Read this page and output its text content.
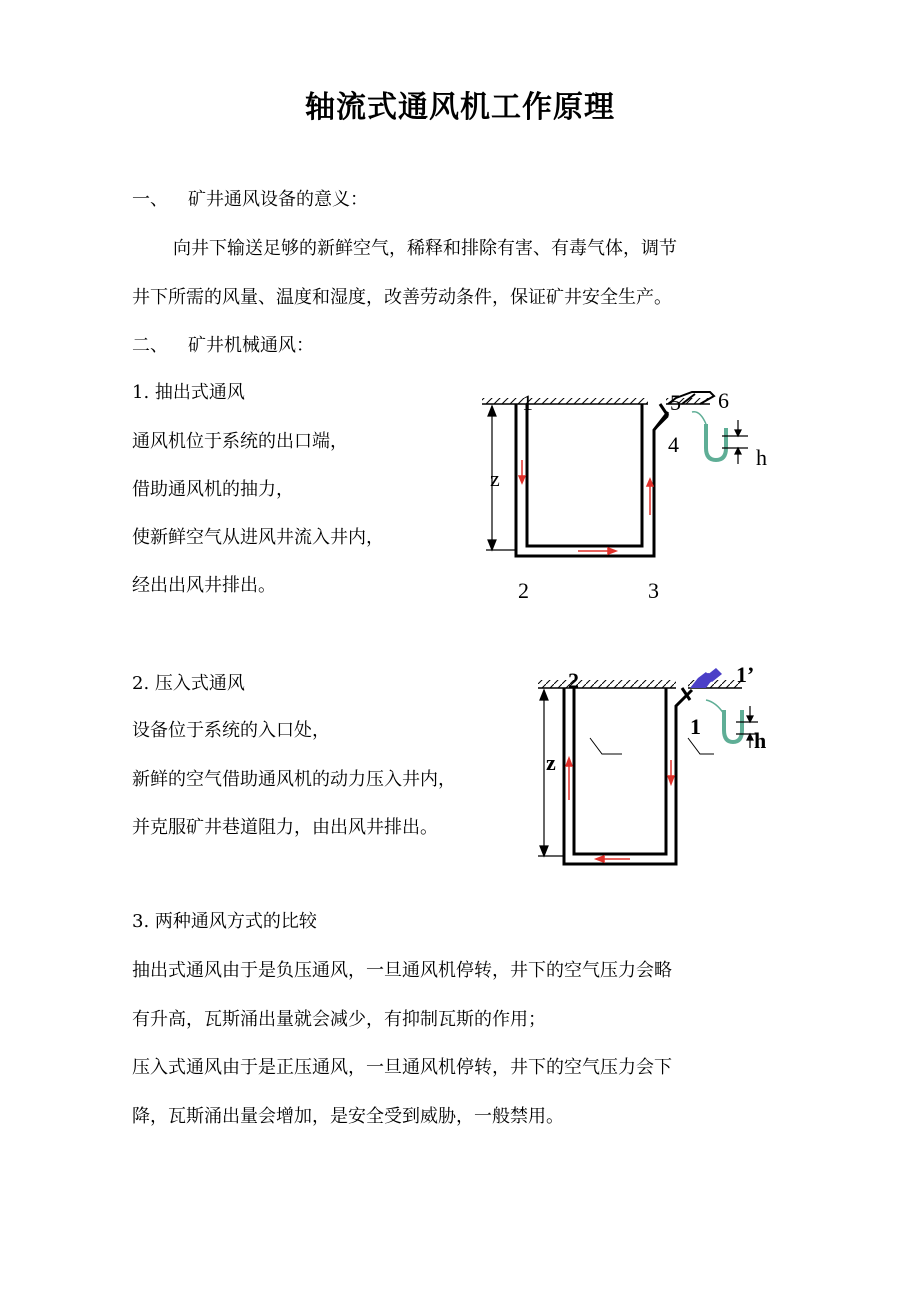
轴流式通风机工作原理
一、 矿井通风设备的意义：
向井下输送足够的新鲜空气，稀释和排除有害、有毒气体，调节
井下所需的风量、温度和湿度，改善劳动条件，保证矿井安全生产。
二、 矿井机械通风：
1. 抽出式通风
通风机位于系统的出口端，
借助通风机的抽力，
使新鲜空气从进风井流入井内，
经出出风井排出。
1
2	3
4
5 6
z
h
2. 压入式通风
设备位于系统的入口处，
新鲜的空气借助通风机的动力压入井内，
并克服矿井巷道阻力，由出风井排出。
2	1’
1
z
h
3. 两种通风方式的比较
抽出式通风由于是负压通风，一旦通风机停转，井下的空气压力会略
有升高，瓦斯涌出量就会减少，有抑制瓦斯的作用；
压入式通风由于是正压通风，一旦通风机停转，井下的空气压力会下
降，瓦斯涌出量会增加，是安全受到威胁，一般禁用。
